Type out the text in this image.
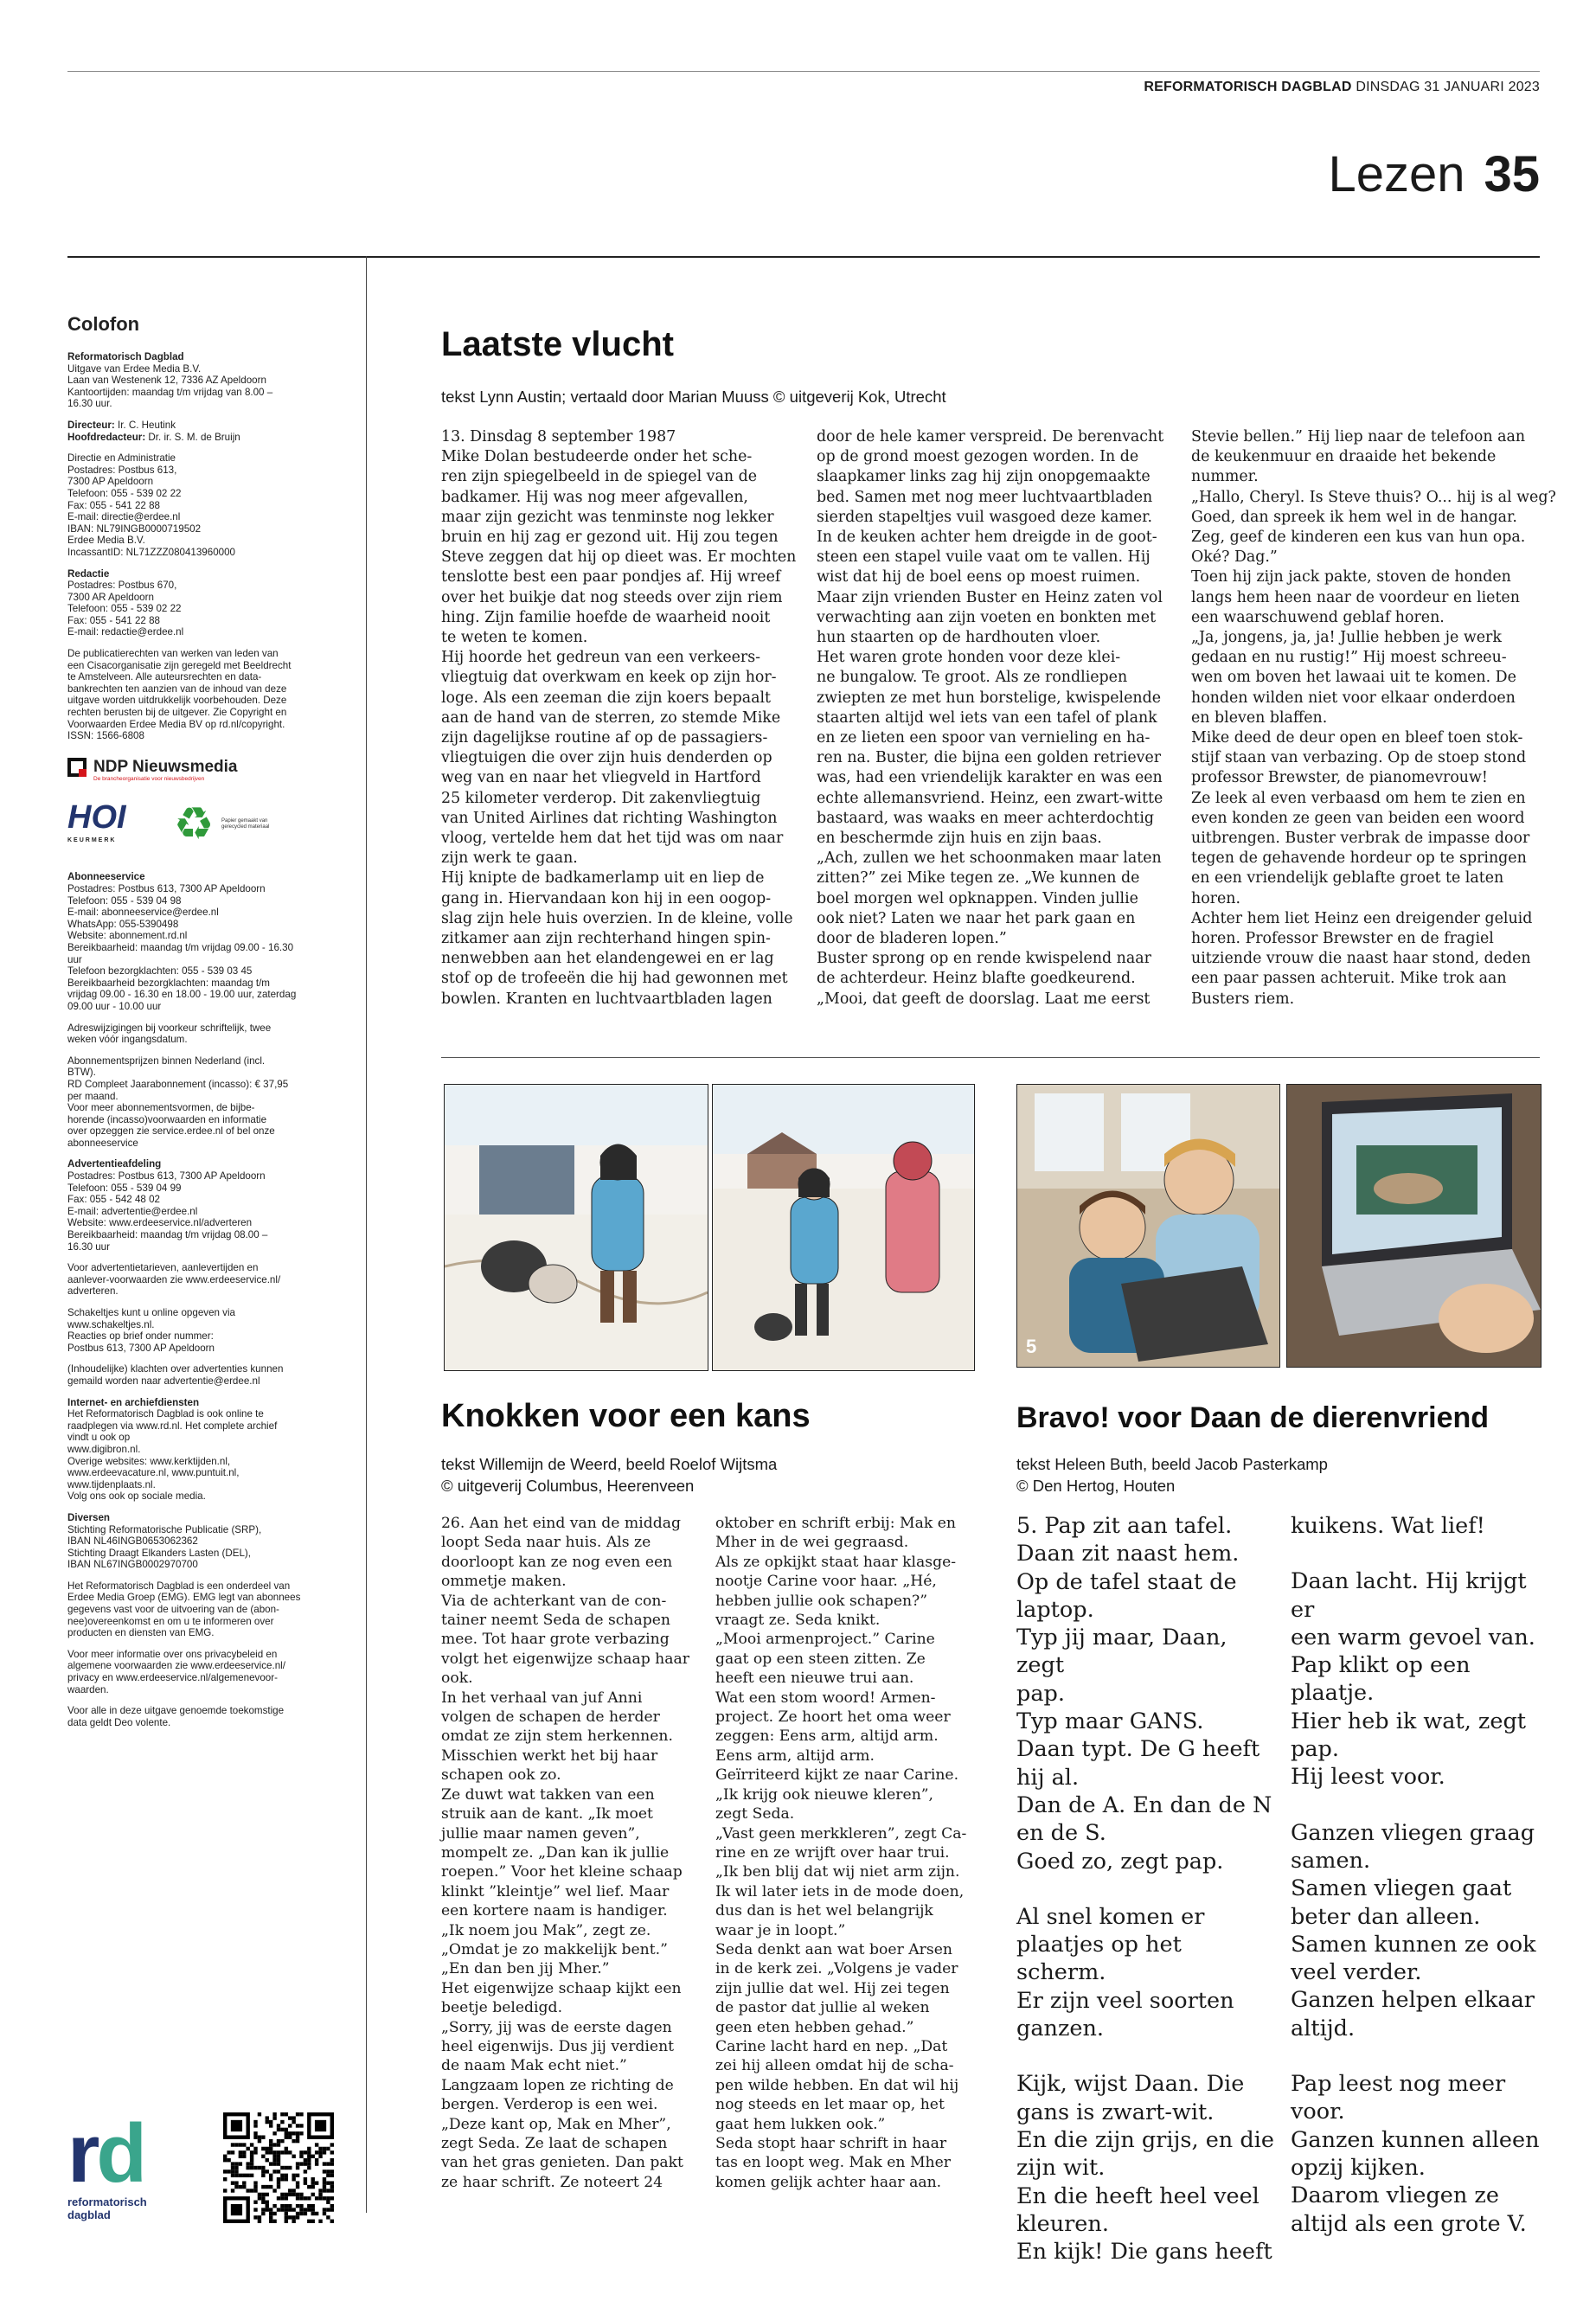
REFORMATORISCH DAGBLAD DINSDAG 31 JANUARI 2023
Lezen 35
Colofon
Reformatorisch Dagblad
Uitgave van Erdee Media B.V.
Laan van Westenenk 12, 7336 AZ Apeldoorn
Kantoortijden: maandag t/m vrijdag van 8.00 –
16.30 uur.
Directeur: Ir. C. Heutink
Hoofdredacteur: Dr. ir. S. M. de Bruijn
Directie en Administratie
Postadres: Postbus 613,
7300 AP Apeldoorn
Telefoon: 055 - 539 02 22
Fax: 055 - 541 22 88
E-mail: directie@erdee.nl
IBAN: NL79INGB0000719502
Erdee Media B.V.
IncassantID: NL71ZZZ080413960000
Redactie
Postadres: Postbus 670,
7300 AR Apeldoorn
Telefoon: 055 - 539 02 22
Fax: 055 - 541 22 88
E-mail: redactie@erdee.nl
De publicatierechten van werken van leden van
een Cisacorganisatie zijn geregeld met Beeldrecht
te Amstelveen. Alle auteursrechten en data-
bankrechten ten aanzien van de inhoud van deze
uitgave worden uitdrukkelijk voorbehouden. Deze
rechten berusten bij de uitgever. Zie Copyright en
Voorwaarden Erdee Media BV op rd.nl/copyright.
ISSN: 1566-6808
NDP Nieuwsmedia
De brancheorganisatie voor nieuwsbedrijven
HOI
KEURMERK	♻	Papier gemaakt van gerecycled materiaal
Abonneeservice
Postadres: Postbus 613, 7300 AP Apeldoorn
Telefoon: 055 - 539 04 98
E-mail: abonneeservice@erdee.nl
WhatsApp: 055-5390498
Website: abonnement.rd.nl
Bereikbaarheid: maandag t/m vrijdag 09.00 - 16.30
uur
Telefoon bezorgklachten: 055 - 539 03 45
Bereikbaarheid bezorgklachten: maandag t/m
vrijdag 09.00 - 16.30 en 18.00 - 19.00 uur, zaterdag
09.00 uur - 10.00 uur
Adreswijzigingen bij voorkeur schriftelijk, twee
weken vóór ingangsdatum.
Abonnementsprijzen binnen Nederland (incl.
BTW).
RD Compleet Jaarabonnement (incasso): € 37,95
per maand.
Voor meer abonnementsvormen, de bijbe-
horende (incasso)voorwaarden en informatie
over opzeggen zie service.erdee.nl of bel onze
abonneeservice
Advertentieafdeling
Postadres: Postbus 613, 7300 AP Apeldoorn
Telefoon: 055 - 539 04 99
Fax: 055 - 542 48 02
E-mail: advertentie@erdee.nl
Website: www.erdeeservice.nl/adverteren
Bereikbaarheid: maandag t/m vrijdag 08.00 –
16.30 uur
Voor advertentietarieven, aanlevertijden en
aanlever-voorwaarden zie www.erdeeservice.nl/
adverteren.
Schakeltjes kunt u online opgeven via
www.schakeltjes.nl.
Reacties op brief onder nummer:
Postbus 613, 7300 AP Apeldoorn
(Inhoudelijke) klachten over advertenties kunnen
gemaild worden naar advertentie@erdee.nl
Internet- en archiefdiensten
Het Reformatorisch Dagblad is ook online te
raadplegen via www.rd.nl. Het complete archief
vindt u ook op
www.digibron.nl.
Overige websites: www.kerktijden.nl,
www.erdeevacature.nl, www.puntuit.nl,
www.tijdenplaats.nl.
Volg ons ook op sociale media.
Diversen
Stichting Reformatorische Publicatie (SRP),
IBAN NL46INGB0653062362
Stichting Draagt Elkanders Lasten (DEL),
IBAN NL67INGB0002970700
Het Reformatorisch Dagblad is een onderdeel van
Erdee Media Groep (EMG). EMG legt van abonnees
gegevens vast voor de uitvoering van de (abon-
nee)overeenkomst en om u te informeren over
producten en diensten van EMG.
Voor meer informatie over ons privacybeleid en
algemene voorwaarden zie www.erdeeservice.nl/
privacy en www.erdeeservice.nl/algemenevoor-
waarden.
Voor alle in deze uitgave genoemde toekomstige
data geldt Deo volente.
rd
reformatorisch
dagblad
Laatste vlucht
tekst Lynn Austin; vertaald door Marian Muuss © uitgeverij Kok, Utrecht
13. Dinsdag 8 september 1987
Mike Dolan bestudeerde onder het sche-
ren zijn spiegelbeeld in de spiegel van de
badkamer. Hij was nog meer afgevallen,
maar zijn gezicht was tenminste nog lekker
bruin en hij zag er gezond uit. Hij zou tegen
Steve zeggen dat hij op dieet was. Er mochten
tenslotte best een paar pondjes af. Hij wreef
over het buikje dat nog steeds over zijn riem
hing. Zijn familie hoefde de waarheid nooit
te weten te komen.
Hij hoorde het gedreun van een verkeers-
vliegtuig dat overkwam en keek op zijn hor-
loge. Als een zeeman die zijn koers bepaalt
aan de hand van de sterren, zo stemde Mike
zijn dagelijkse routine af op de passagiers-
vliegtuigen die over zijn huis denderden op
weg van en naar het vliegveld in Hartford
25 kilometer verderop. Dit zakenvliegtuig
van United Airlines dat richting Washington
vloog, vertelde hem dat het tijd was om naar
zijn werk te gaan.
Hij knipte de badkamerlamp uit en liep de
gang in. Hiervandaan kon hij in een oogop-
slag zijn hele huis overzien. In de kleine, volle
zitkamer aan zijn rechterhand hingen spin-
nenwebben aan het elandengewei en er lag
stof op de trofeeën die hij had gewonnen met
bowlen. Kranten en luchtvaartbladen lagen
door de hele kamer verspreid. De berenvacht
op de grond moest gezogen worden. In de
slaapkamer links zag hij zijn onopgemaakte
bed. Samen met nog meer luchtvaartbladen
sierden stapeltjes vuil wasgoed deze kamer.
In de keuken achter hem dreigde in de goot-
steen een stapel vuile vaat om te vallen. Hij
wist dat hij de boel eens op moest ruimen.
Maar zijn vrienden Buster en Heinz zaten vol
verwachting aan zijn voeten en bonkten met
hun staarten op de hardhouten vloer.
Het waren grote honden voor deze klei-
ne bungalow. Te groot. Als ze rondliepen
zwiepten ze met hun borstelige, kwispelende
staarten altijd wel iets van een tafel of plank
en ze lieten een spoor van vernieling en ha-
ren na. Buster, die bijna een golden retriever
was, had een vriendelijk karakter en was een
echte allemansvriend. Heinz, een zwart-witte
bastaard, was waaks en meer achterdochtig
en beschermde zijn huis en zijn baas.
„Ach, zullen we het schoonmaken maar laten
zitten?” zei Mike tegen ze. „We kunnen de
boel morgen wel opknappen. Vinden jullie
ook niet? Laten we naar het park gaan en
door de bladeren lopen.”
Buster sprong op en rende kwispelend naar
de achterdeur. Heinz blafte goedkeurend.
„Mooi, dat geeft de doorslag. Laat me eerst
Stevie bellen.” Hij liep naar de telefoon aan
de keukenmuur en draaide het bekende
nummer.
„Hallo, Cheryl. Is Steve thuis? O... hij is al weg?
Goed, dan spreek ik hem wel in de hangar.
Zeg, geef de kinderen een kus van hun opa.
Oké? Dag.”
Toen hij zijn jack pakte, stoven de honden
langs hem heen naar de voordeur en lieten
een waarschuwend geblaf horen.
„Ja, jongens, ja, ja! Jullie hebben je werk
gedaan en nu rustig!” Hij moest schreeu-
wen om boven het lawaai uit te komen. De
honden wilden niet voor elkaar onderdoen
en bleven blaffen.
Mike deed de deur open en bleef toen stok-
stijf staan van verbazing. Op de stoep stond
professor Brewster, de pianomevrouw!
Ze leek al even verbaasd om hem te zien en
even konden ze geen van beiden een woord
uitbrengen. Buster verbrak de impasse door
tegen de gehavende hordeur op te springen
en een vriendelijk geblafte groet te laten
horen.
Achter hem liet Heinz een dreigender geluid
horen. Professor Brewster en de fragiel
uitziende vrouw die naast haar stond, deden
een paar passen achteruit. Mike trok aan
Busters riem.
5
Knokken voor een kans
tekst Willemijn de Weerd, beeld Roelof Wijtsma
© uitgeverij Columbus, Heerenveen
26. Aan het eind van de middag
loopt Seda naar huis. Als ze
doorloopt kan ze nog even een
ommetje maken.
Via de achterkant van de con-
tainer neemt Seda de schapen
mee. Tot haar grote verbazing
volgt het eigenwijze schaap haar
ook.
In het verhaal van juf Anni
volgen de schapen de herder
omdat ze zijn stem herkennen.
Misschien werkt het bij haar
schapen ook zo.
Ze duwt wat takken van een
struik aan de kant. „Ik moet
jullie maar namen geven”,
mompelt ze. „Dan kan ik jullie
roepen.” Voor het kleine schaap
klinkt ”kleintje” wel lief. Maar
een kortere naam is handiger.
„Ik noem jou Mak”, zegt ze.
„Omdat je zo makkelijk bent.”
„En dan ben jij Mher.”
Het eigenwijze schaap kijkt een
beetje beledigd.
„Sorry, jij was de eerste dagen
heel eigenwijs. Dus jij verdient
de naam Mak echt niet.”
Langzaam lopen ze richting de
bergen. Verderop is een wei.
„Deze kant op, Mak en Mher”,
zegt Seda. Ze laat de schapen
van het gras genieten. Dan pakt
ze haar schrift. Ze noteert 24
oktober en schrift erbij: Mak en
Mher in de wei gegraasd.
Als ze opkijkt staat haar klasge-
nootje Carine voor haar. „Hé,
hebben jullie ook schapen?”
vraagt ze. Seda knikt.
„Mooi armenproject.” Carine
gaat op een steen zitten. Ze
heeft een nieuwe trui aan.
Wat een stom woord! Armen-
project. Ze hoort het oma weer
zeggen: Eens arm, altijd arm.
Eens arm, altijd arm.
Geïrriteerd kijkt ze naar Carine.
„Ik krijg ook nieuwe kleren”,
zegt Seda.
„Vast geen merkkleren”, zegt Ca-
rine en ze wrijft over haar trui.
„Ik ben blij dat wij niet arm zijn.
Ik wil later iets in de mode doen,
dus dan is het wel belangrijk
waar je in loopt.”
Seda denkt aan wat boer Arsen
in de kerk zei. „Volgens je vader
zijn jullie dat wel. Hij zei tegen
de pastor dat jullie al weken
geen eten hebben gehad.”
Carine lacht hard en nep. „Dat
zei hij alleen omdat hij de scha-
pen wilde hebben. En dat wil hij
nog steeds en let maar op, het
gaat hem lukken ook.”
Seda stopt haar schrift in haar
tas en loopt weg. Mak en Mher
komen gelijk achter haar aan.
Bravo! voor Daan de dierenvriend
tekst Heleen Buth, beeld Jacob Pasterkamp
© Den Hertog, Houten

5. Pap zit aan tafel.
Daan zit naast hem.
Op de tafel staat de
laptop.
Typ jij maar, Daan, zegt
pap.
Typ maar GANS.
Daan typt. De G heeft
hij al.
Dan de A. En dan de N
en de S.
Goed zo, zegt pap.

Al snel komen er
plaatjes op het scherm.
Er zijn veel soorten
ganzen.

Kijk, wijst Daan. Die
gans is zwart-wit.
En die zijn grijs, en die
zijn wit.
En die heeft heel veel
kleuren.
En kijk! Die gans heeft

kuikens. Wat lief!

Daan lacht. Hij krijgt er
een warm gevoel van.
Pap klikt op een
plaatje.
Hier heb ik wat, zegt
pap.
Hij leest voor.

Ganzen vliegen graag
samen.
Samen vliegen gaat
beter dan alleen.
Samen kunnen ze ook
veel verder.
Ganzen helpen elkaar
altijd.

Pap leest nog meer
voor.
Ganzen kunnen alleen
opzij kijken.
Daarom vliegen ze
altijd als een grote V.
